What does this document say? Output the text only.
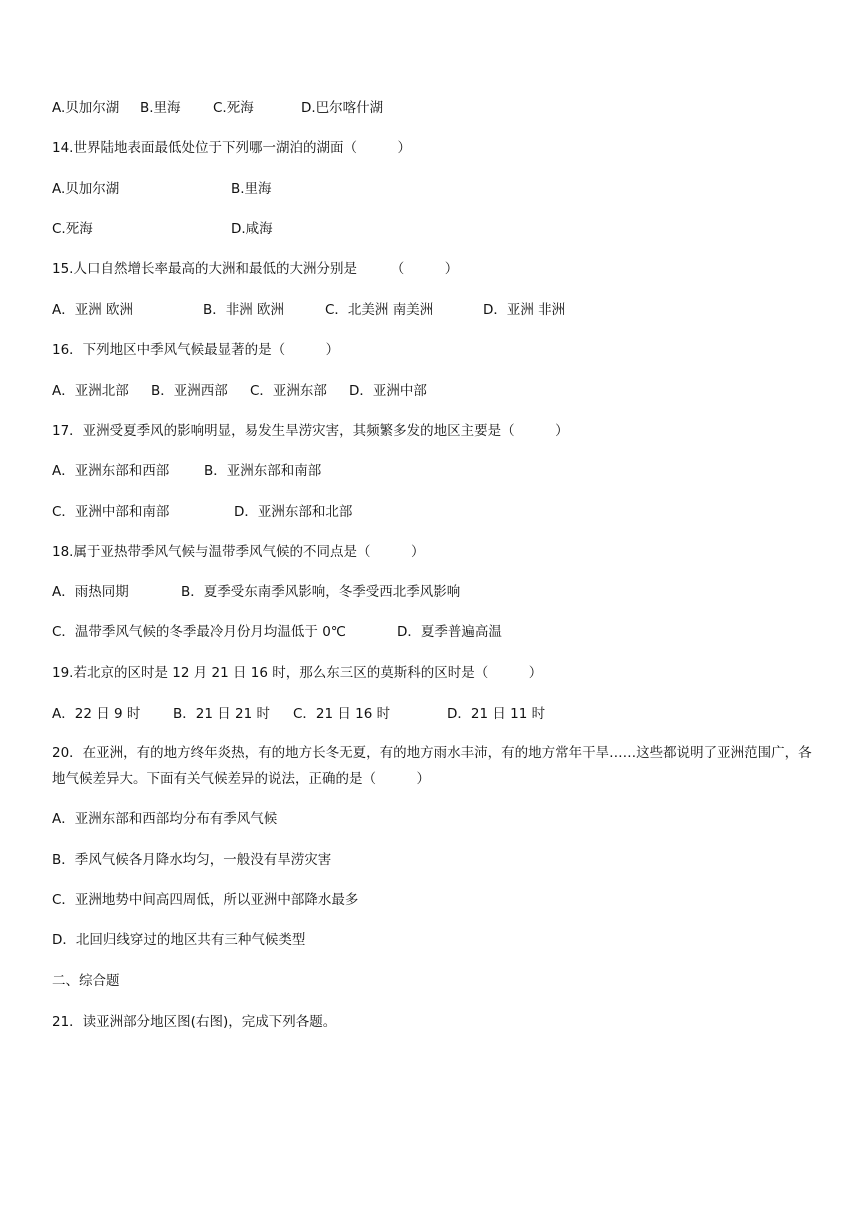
A.贝加尔湖 B.里海 C.死海	D.巴尔喀什湖
14.世界陆地表面最低处位于下列哪一湖泊的湖面（　　　）
A.贝加尔湖	B.里海
C.死海	D.咸海
15.人口自然增长率最高的大洲和最低的大洲分别是　　　（　　　）
A．亚洲 欧洲	B．非洲 欧洲	C．北美洲 南美洲	D．亚洲 非洲
16．下列地区中季风气候最显著的是（　　　）
A．亚洲北部 B．亚洲西部 C．亚洲东部 D．亚洲中部
17．亚洲受夏季风的影响明显，易发生旱涝灾害，其频繁多发的地区主要是（　　　）
A．亚洲东部和西部	B．亚洲东部和南部
C．亚洲中部和南部	D．亚洲东部和北部
18.属于亚热带季风气候与温带季风气候的不同点是（　　　）
A．雨热同期	B．夏季受东南季风影响，冬季受西北季风影响
C．温带季风气候的冬季最冷月份月均温低于 0℃	D．夏季普遍高温
19.若北京的区时是 12 月 21 日 16 时，那么东三区的莫斯科的区时是（　　　）
A．22 日 9 时 B．21 日 21 时 C．21 日 16 时	D．21 日 11 时
20．在亚洲，有的地方终年炎热，有的地方长冬无夏，有的地方雨水丰沛，有的地方常年干旱……这些都说明了亚洲范围广，各地气候差异大。下面有关气候差异的说法，正确的是（　　　）
A．亚洲东部和西部均分布有季风气候
B．季风气候各月降水均匀，一般没有旱涝灾害
C．亚洲地势中间高四周低，所以亚洲中部降水最多
D．北回归线穿过的地区共有三种气候类型
二、综合题
21．读亚洲部分地区图(右图)，完成下列各题。
